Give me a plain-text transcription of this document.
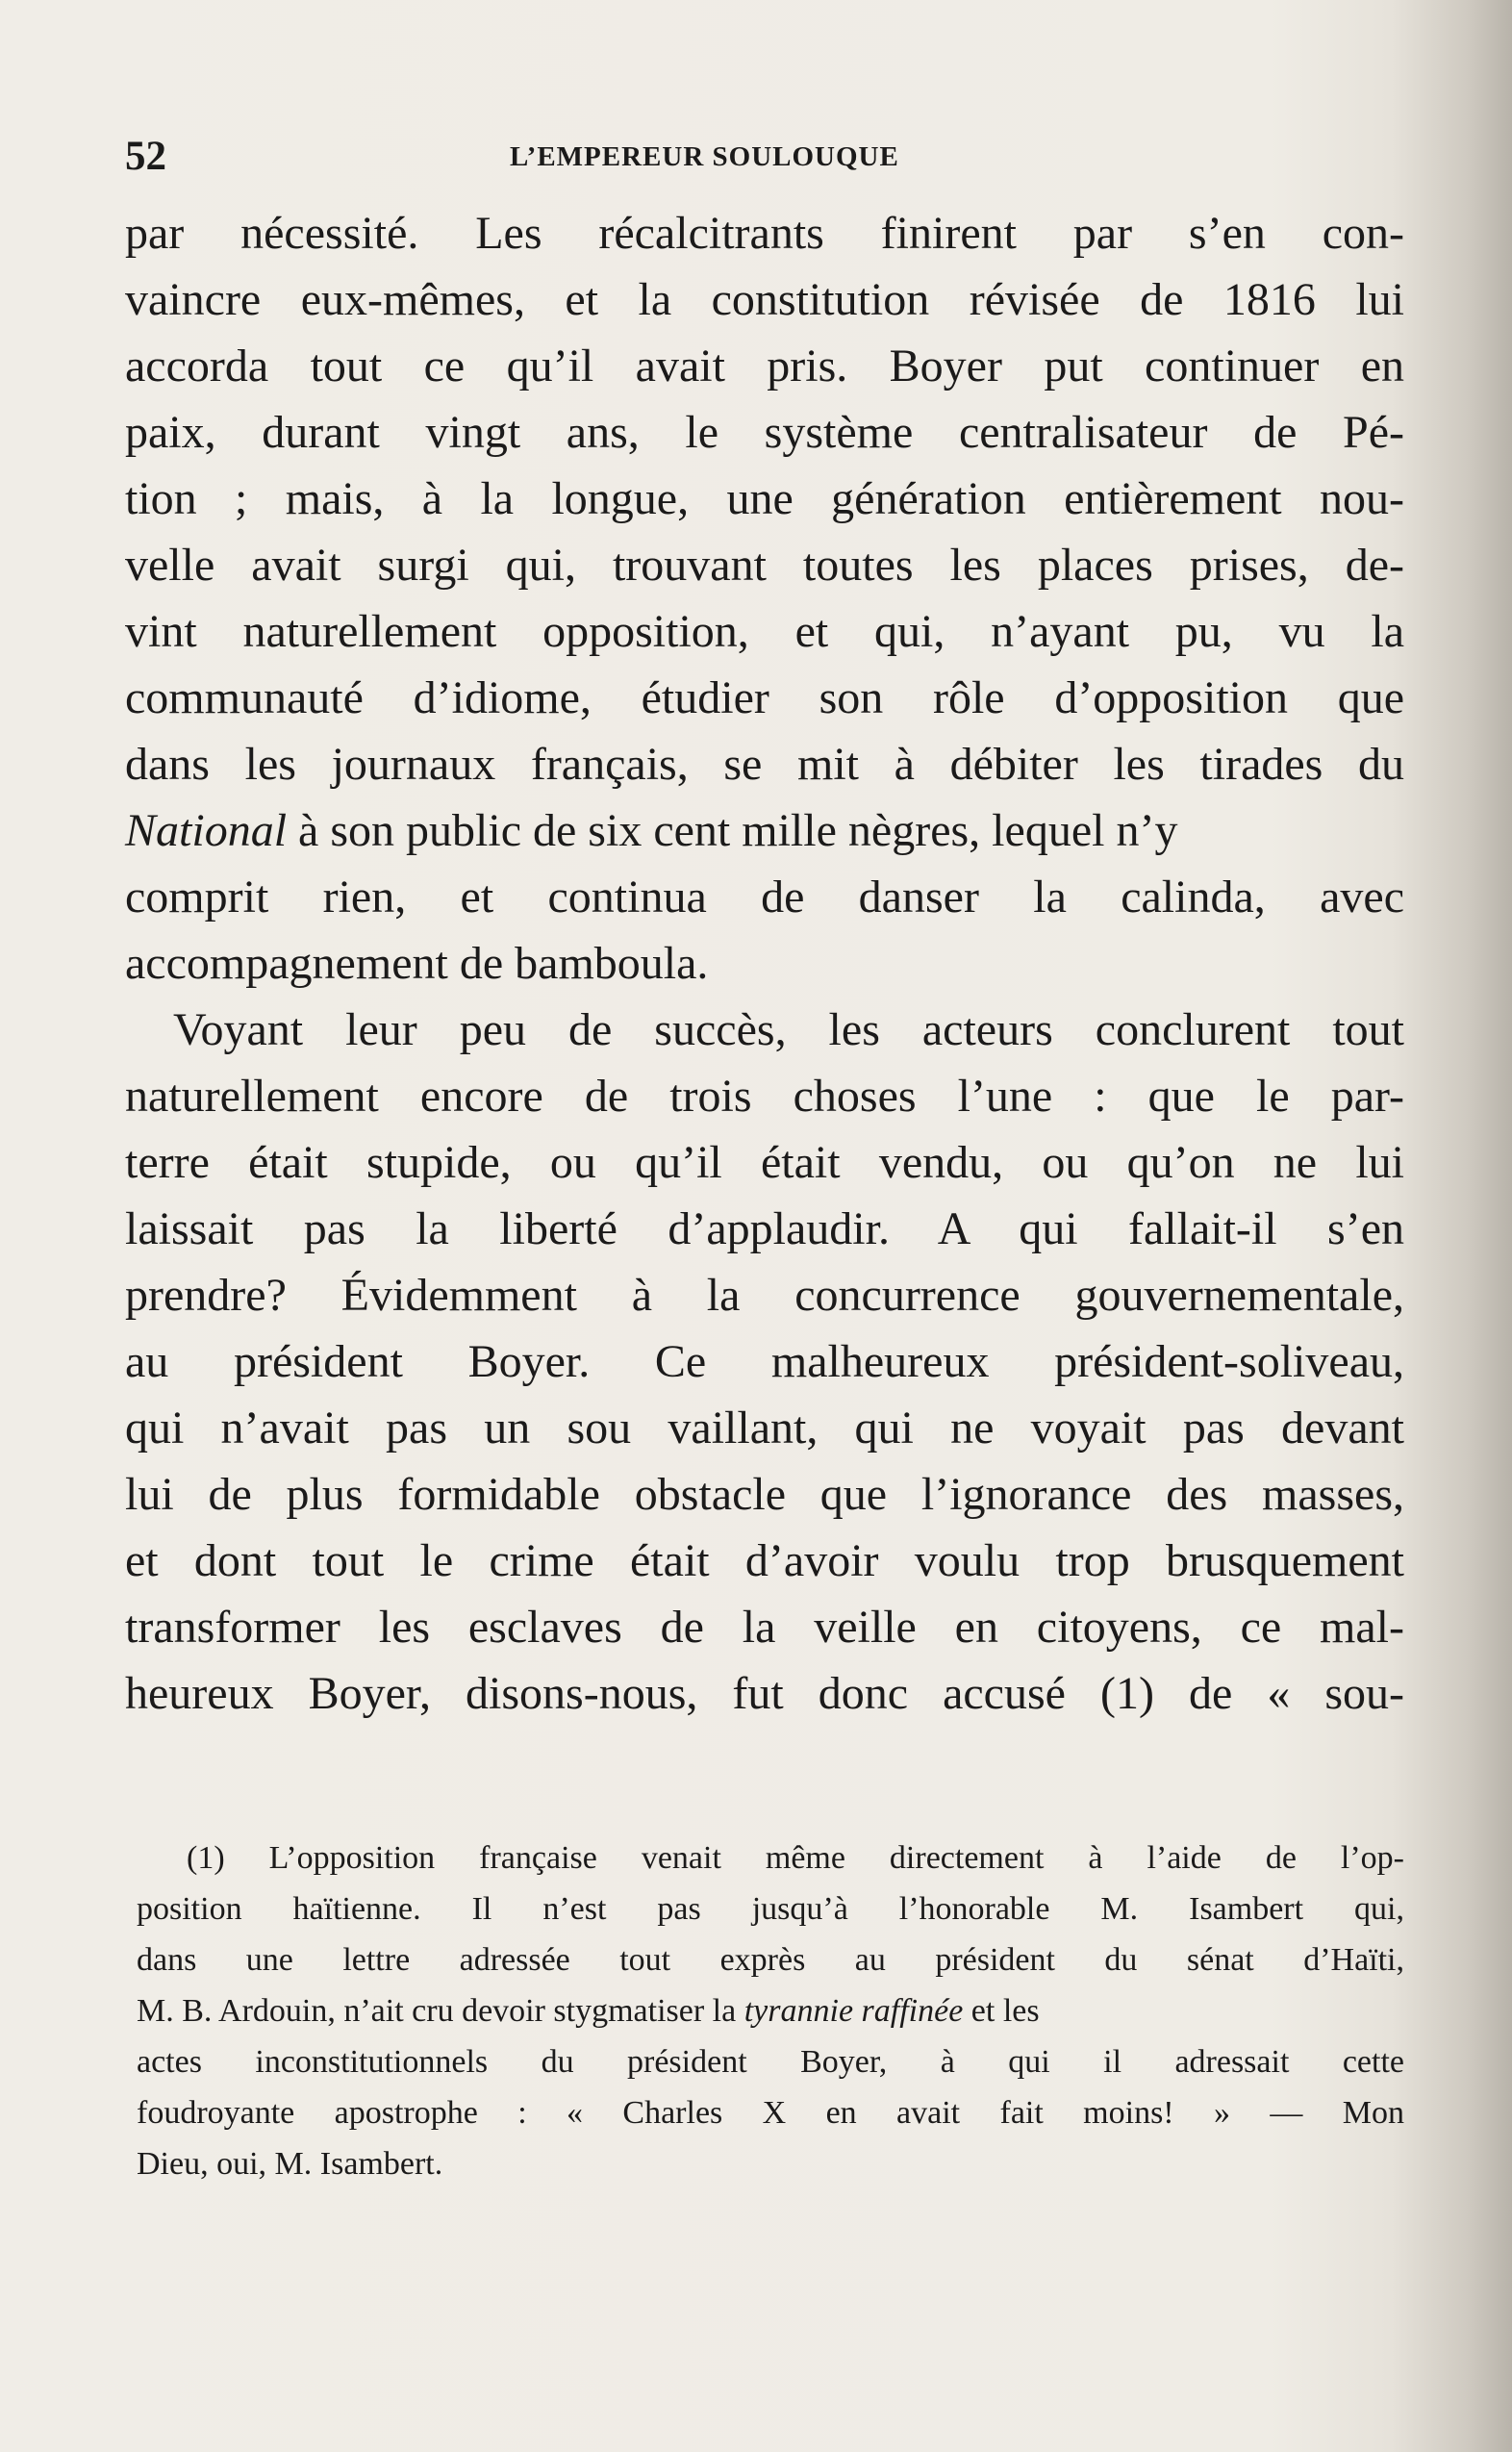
52	L’EMPEREUR SOULOUQUE
par nécessité. Les récalcitrants finirent par s’en con-
vaincre eux-mêmes, et la constitution révisée de 1816 lui
accorda tout ce qu’il avait pris. Boyer put continuer en
paix, durant vingt ans, le système centralisateur de Pé-
tion ; mais, à la longue, une génération entièrement nou-
velle avait surgi qui, trouvant toutes les places prises, de-
vint naturellement opposition, et qui, n’ayant pu, vu la
communauté d’idiome, étudier son rôle d’opposition que
dans les journaux français, se mit à débiter les tirades du
National à son public de six cent mille nègres, lequel n’y
comprit rien, et continua de danser la calinda, avec
accompagnement de bamboula.
Voyant leur peu de succès, les acteurs conclurent tout
naturellement encore de trois choses l’une : que le par-
terre était stupide, ou qu’il était vendu, ou qu’on ne lui
laissait pas la liberté d’applaudir. A qui fallait-il s’en
prendre? Évidemment à la concurrence gouvernementale,
au président Boyer. Ce malheureux président-soliveau,
qui n’avait pas un sou vaillant, qui ne voyait pas devant
lui de plus formidable obstacle que l’ignorance des masses,
et dont tout le crime était d’avoir voulu trop brusquement
transformer les esclaves de la veille en citoyens, ce mal-
heureux Boyer, disons-nous, fut donc accusé (1) de « sou-
(1) L’opposition française venait même directement à l’aide de l’op-
position haïtienne. Il n’est pas jusqu’à l’honorable M. Isambert qui,
dans une lettre adressée tout exprès au président du sénat d’Haïti,
M. B. Ardouin, n’ait cru devoir stygmatiser la tyrannie raffinée et les
actes inconstitutionnels du président Boyer, à qui il adressait cette
foudroyante apostrophe : « Charles X en avait fait moins! » — Mon
Dieu, oui, M. Isambert.
